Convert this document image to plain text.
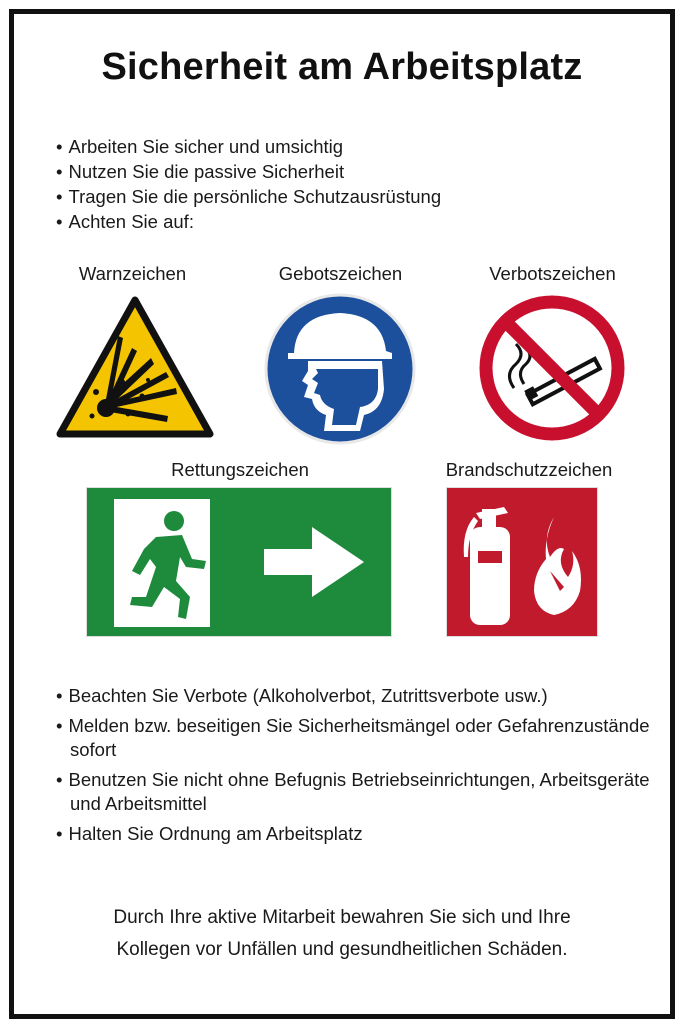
Sicherheit am Arbeitsplatz
• Arbeiten Sie sicher und umsichtig
• Nutzen Sie die passive Sicherheit
• Tragen Sie die persönliche Schutzausrüstung
• Achten Sie auf:
Warnzeichen	Gebotszeichen	Verbotszeichen
Rettungszeichen	Brandschutzzeichen
• Beachten Sie Verbote (Alkoholverbot, Zutrittsverbote usw.)
• Melden bzw. beseitigen Sie Sicherheitsmängel oder Gefahrenzustände sofort
• Benutzen Sie nicht ohne Befugnis Betriebseinrichtungen, Arbeitsgeräte und Arbeitsmittel
• Halten Sie Ordnung am Arbeitsplatz
Durch Ihre aktive Mitarbeit bewahren Sie sich und Ihre
Kollegen vor Unfällen und gesundheitlichen Schäden.
